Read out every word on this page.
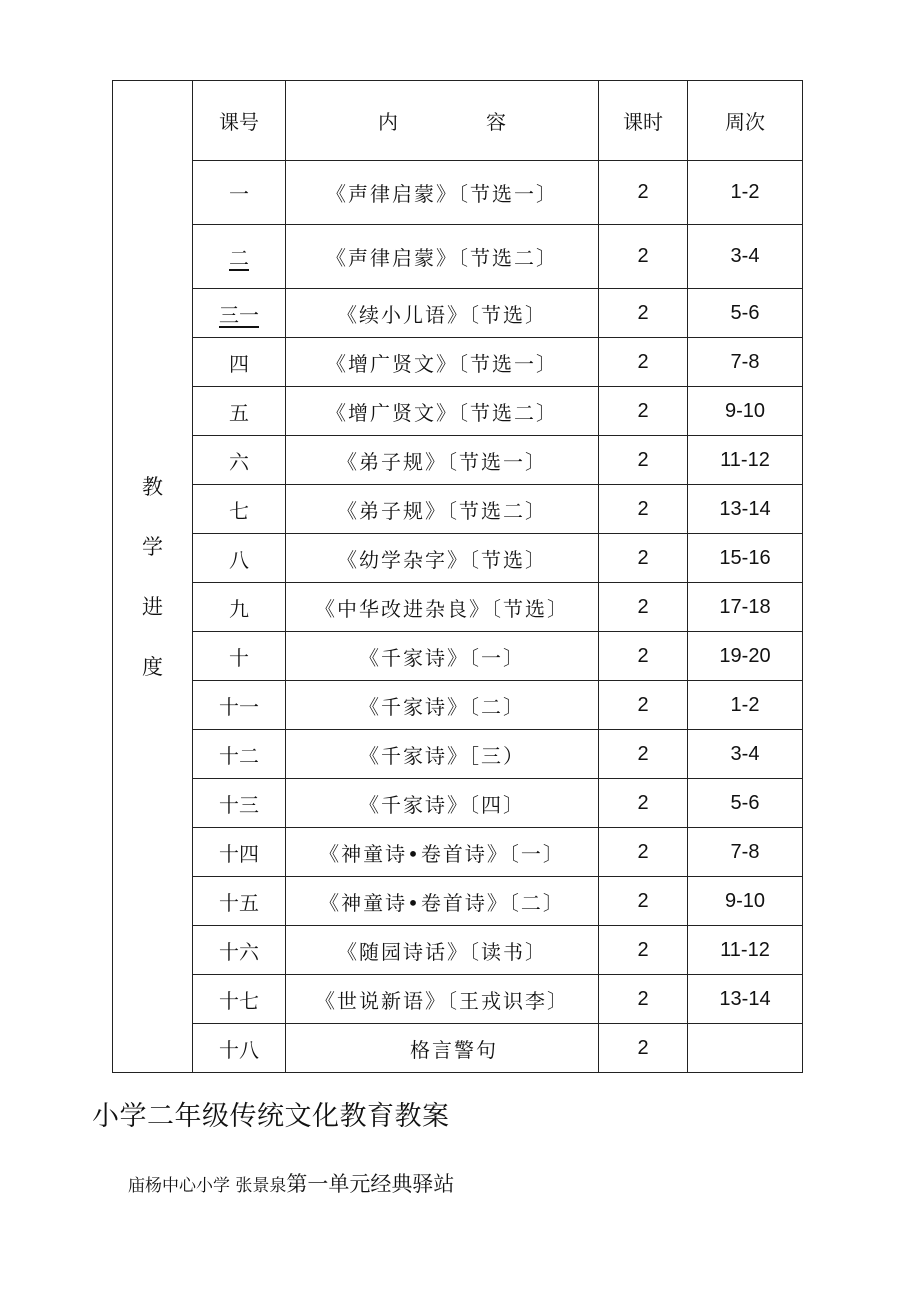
教
学
进
度	课号	内 容	课时	周次
	一	《声律启蒙》〔节选一〕	2	1-2
	二	《声律启蒙》〔节选二〕	2	3-4
	三一	《续小儿语》〔节选〕	2	5-6
	四	《增广贤文》〔节选一〕	2	7-8
	五	《增广贤文》〔节选二〕	2	9-10
	六	《弟子规》〔节选一〕	2	11-12
	七	《弟子规》〔节选二〕	2	13-14
	八	《幼学杂字》〔节选〕	2	15-16
	九	《中华改进杂良》〔节选〕	2	17-18
	十	《千家诗》〔一〕	2	19-20
	十一	《千家诗》〔二〕	2	1-2
	十二	《千家诗》［三）	2	3-4
	十三	《千家诗》〔四〕	2	5-6
	十四	《神童诗•卷首诗》〔一〕	2	7-8
	十五	《神童诗•卷首诗》〔二〕	2	9-10
	十六	《随园诗话》〔读书〕	2	11-12
	十七	《世说新语》〔王戎识李〕	2	13-14
	十八	格言警句	2	
小学二年级传统文化教育教案
庙杨中心小学 张景泉第一单元经典驿站
